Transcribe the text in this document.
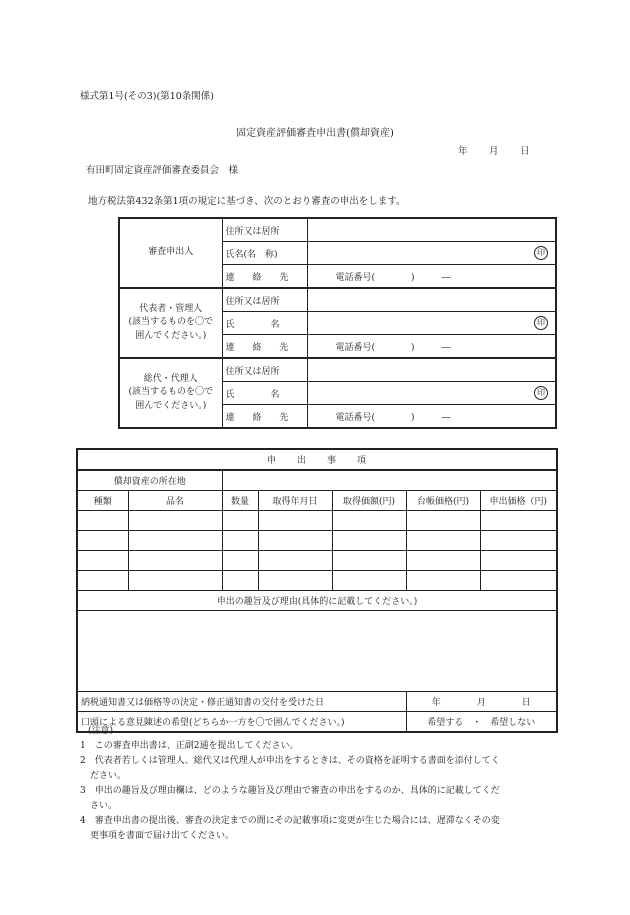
様式第1号(その3)(第10条関係)
固定資産評価審査申出書(償却資産)
年 月 日
有田町固定資産評価審査委員会　様
地方税法第432条第1項の規定に基づき、次のとおり審査の申出をします。
審査申出人	住所又は居所	
	氏名(名　称)	印

	連　　絡　　先	電話番号(　　　　)　　　―
代表者・管理人
(該当するものを〇で
囲んでください。)	住所又は居所	
	氏　　　　名	印

	連　　絡　　先	電話番号(　　　　)　　　―
総代・代理人
(該当するものを〇で
囲んでください。)	住所又は居所	
	氏　　　　名	印

	連　　絡　　先	電話番号(　　　　)　　　―
申　　出　　事　　項						
償却資産の所在地						
種類	品名	数量	取得年月日	取得価額(円)	台帳価格(円)	申出価格（円)

申出の趣旨及び理由(具体的に記載してください。)						

納税通知書又は価格等の決定・修正通知書の交付を受けた日					年　　　　月　　　　日	
口頭による意見陳述の希望(どちらか一方を〇で囲んでください。)					希望する　・　希望しない	
(注意)
1　この審査申出書は、正副2通を提出してください。
2　代表者若しくは管理人、総代又は代理人が申出をするときは、その資格を証明する書面を添付してく
ださい。
3　申出の趣旨及び理由欄は、どのような趣旨及び理由で審査の申出をするのか、具体的に記載してくだ
さい。
4　審査申出書の提出後、審査の決定までの間にその記載事項に変更が生じた場合には、遅滞なくその変
更事項を書面で届け出てください。
